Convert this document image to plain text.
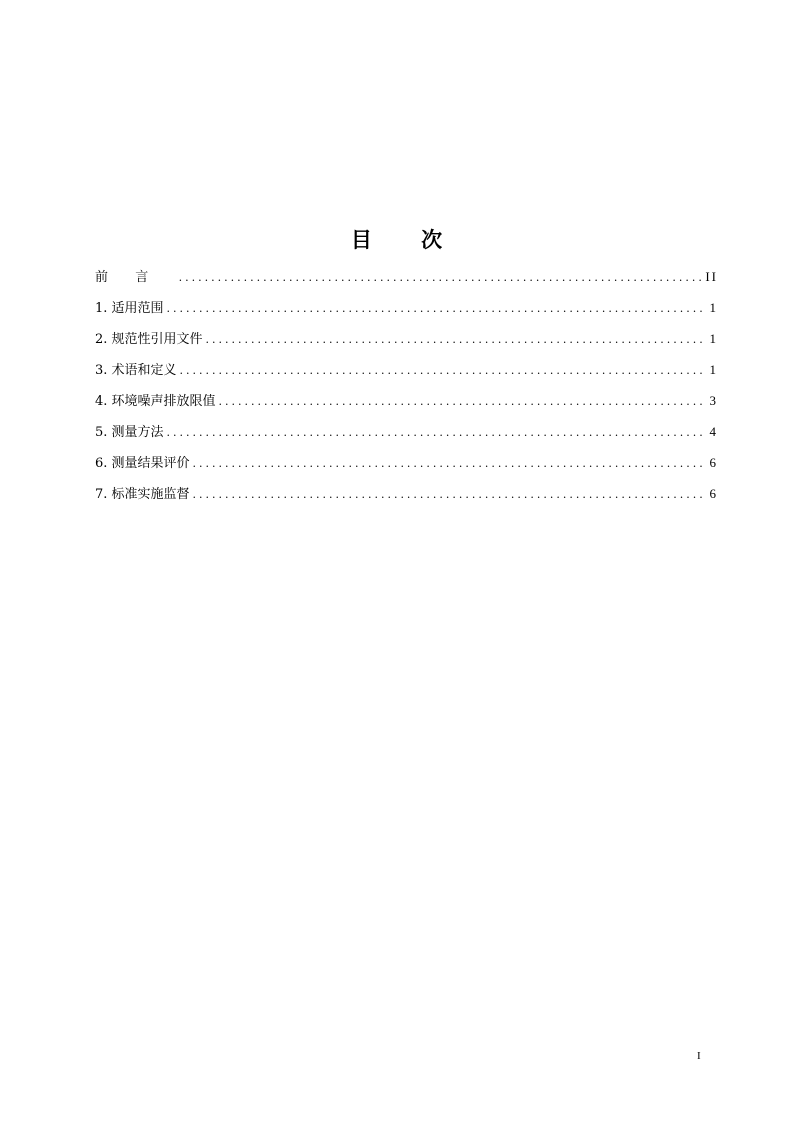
目 次
前言 .....	II
1. 适用范围 .....	1
2. 规范性引用文件 .....	1
3. 术语和定义 .....	1
4. 环境噪声排放限值 .....	3
5. 测量方法 .....	4
6. 测量结果评价 .....	6
7. 标准实施监督 .....	6
I
